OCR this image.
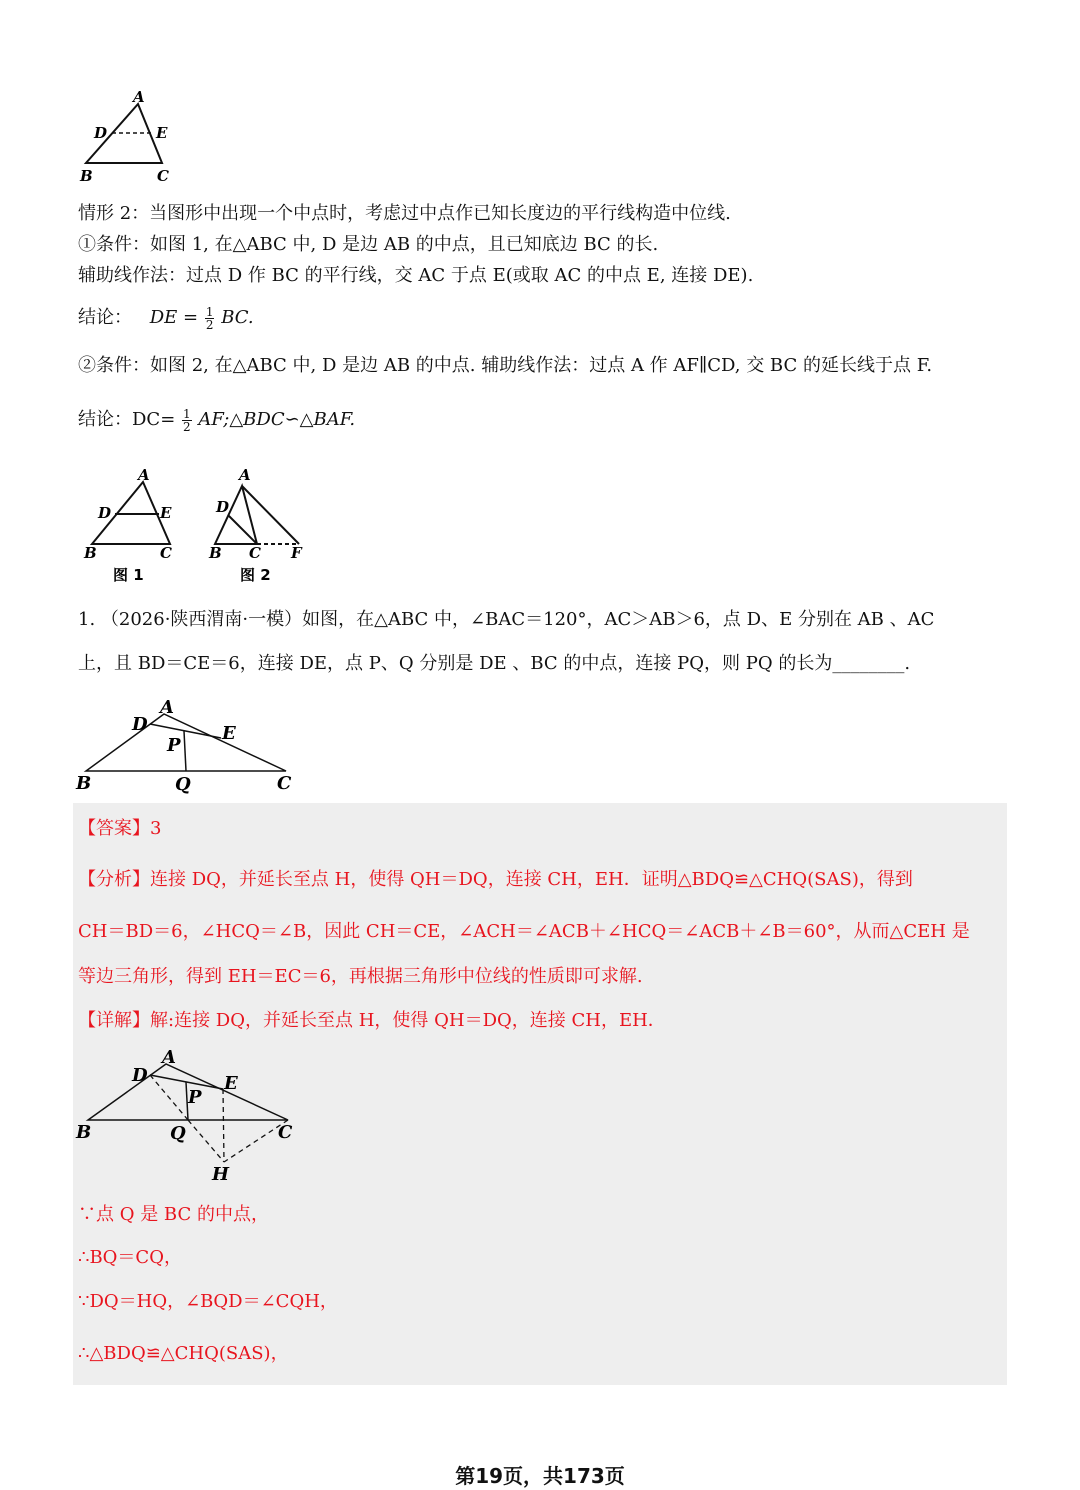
A
D	E
B	C
情形 2：当图形中出现一个中点时，考虑过中点作已知长度边的平行线构造中位线.
①条件：如图 1, 在△ABC 中, D 是边 AB 的中点，且已知底边 BC 的长.
辅助线作法：过点 D 作 BC 的平行线，交 AC 于点 E(或取 AC 的中点 E, 连接 DE).
结论： DE = $\frac{1}{2}$ BC.
②条件：如图 2, 在△ABC 中, D 是边 AB 的中点. 辅助线作法：过点 A 作 AF∥CD, 交 BC 的延长线于点 F.
结论：$DC= \frac{1}{2}$ AF;△BDC∽△BAF.
A
D	E
B	C
图 1
A
D
B C F
图 2
1. （2026·陕西渭南·一模）如图，在△ABC 中，∠BAC＝120°，AC＞AB＞6，点 D、E 分别在 AB 、AC
上，且 BD＝CE＝6，连接 DE，点 P、Q 分别是 DE 、BC 的中点，连接 PQ，则 PQ 的长为________.
A
D	E
P
B	Q	C
【答案】3
【分析】连接 DQ，并延长至点 H，使得 QH＝DQ，连接 CH，EH．证明△BDQ≌△CHQ(SAS)，得到
CH＝BD＝6，∠HCQ＝∠B，因此 CH＝CE，∠ACH＝∠ACB＋∠HCQ＝∠ACB＋∠B＝60°，从而△CEH 是
等边三角形，得到 EH＝EC＝6，再根据三角形中位线的性质即可求解.
【详解】解:连接 DQ，并延长至点 H，使得 QH＝DQ，连接 CH，EH．
A
D	E
P
B	Q	C
H
∵点 Q 是 BC 的中点，
∴BQ＝CQ，
∵DQ＝HQ，∠BQD＝∠CQH，
∴△BDQ≌△CHQ(SAS)，
第19页，共173页
